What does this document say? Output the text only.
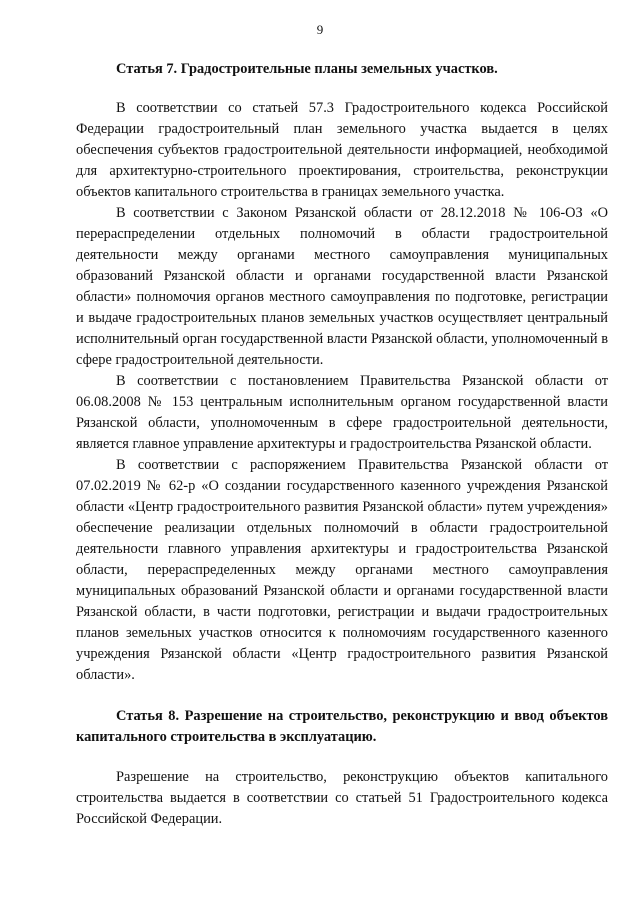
9

Статья 7. Градостроительные планы земельных участков.

В соответствии со статьей 57.3 Градостроительного кодекса Российской Федерации градостроительный план земельного участка выдается в целях обеспечения субъектов градостроительной деятельности информацией, необходимой для архитектурно-строительного проектирования, строительства, реконструкции объектов капитального строительства в границах земельного участка.

В соответствии с Законом Рязанской области от 28.12.2018 № 106-ОЗ «О перераспределении отдельных полномочий в области градостроительной деятельности между органами местного самоуправления муниципальных образований Рязанской области и органами государственной власти Рязанской области» полномочия органов местного самоуправления по подготовке, регистрации и выдаче градостроительных планов земельных участков осуществляет центральный исполнительный орган государственной власти Рязанской области, уполномоченный в сфере градостроительной деятельности.

В соответствии с постановлением Правительства Рязанской области от 06.08.2008 № 153 центральным исполнительным органом государственной власти Рязанской области, уполномоченным в сфере градостроительной деятельности, является главное управление архитектуры и градостроительства Рязанской области.

В соответствии с распоряжением Правительства Рязанской области от 07.02.2019 № 62-р «О создании государственного казенного учреждения Рязанской области «Центр градостроительного развития Рязанской области» путем учреждения» обеспечение реализации отдельных полномочий в области градостроительной деятельности главного управления архитектуры и градостроительства Рязанской области, перераспределенных между органами местного самоуправления муниципальных образований Рязанской области и органами государственной власти Рязанской области, в части подготовки, регистрации и выдачи градостроительных планов земельных участков относится к полномочиям государственного казенного учреждения Рязанской области «Центр градостроительного развития Рязанской области».

Статья 8. Разрешение на строительство, реконструкцию и ввод объектов капитального строительства в эксплуатацию.

Разрешение на строительство, реконструкцию объектов капитального строительства выдается в соответствии со статьей 51 Градостроительного кодекса Российской Федерации.
